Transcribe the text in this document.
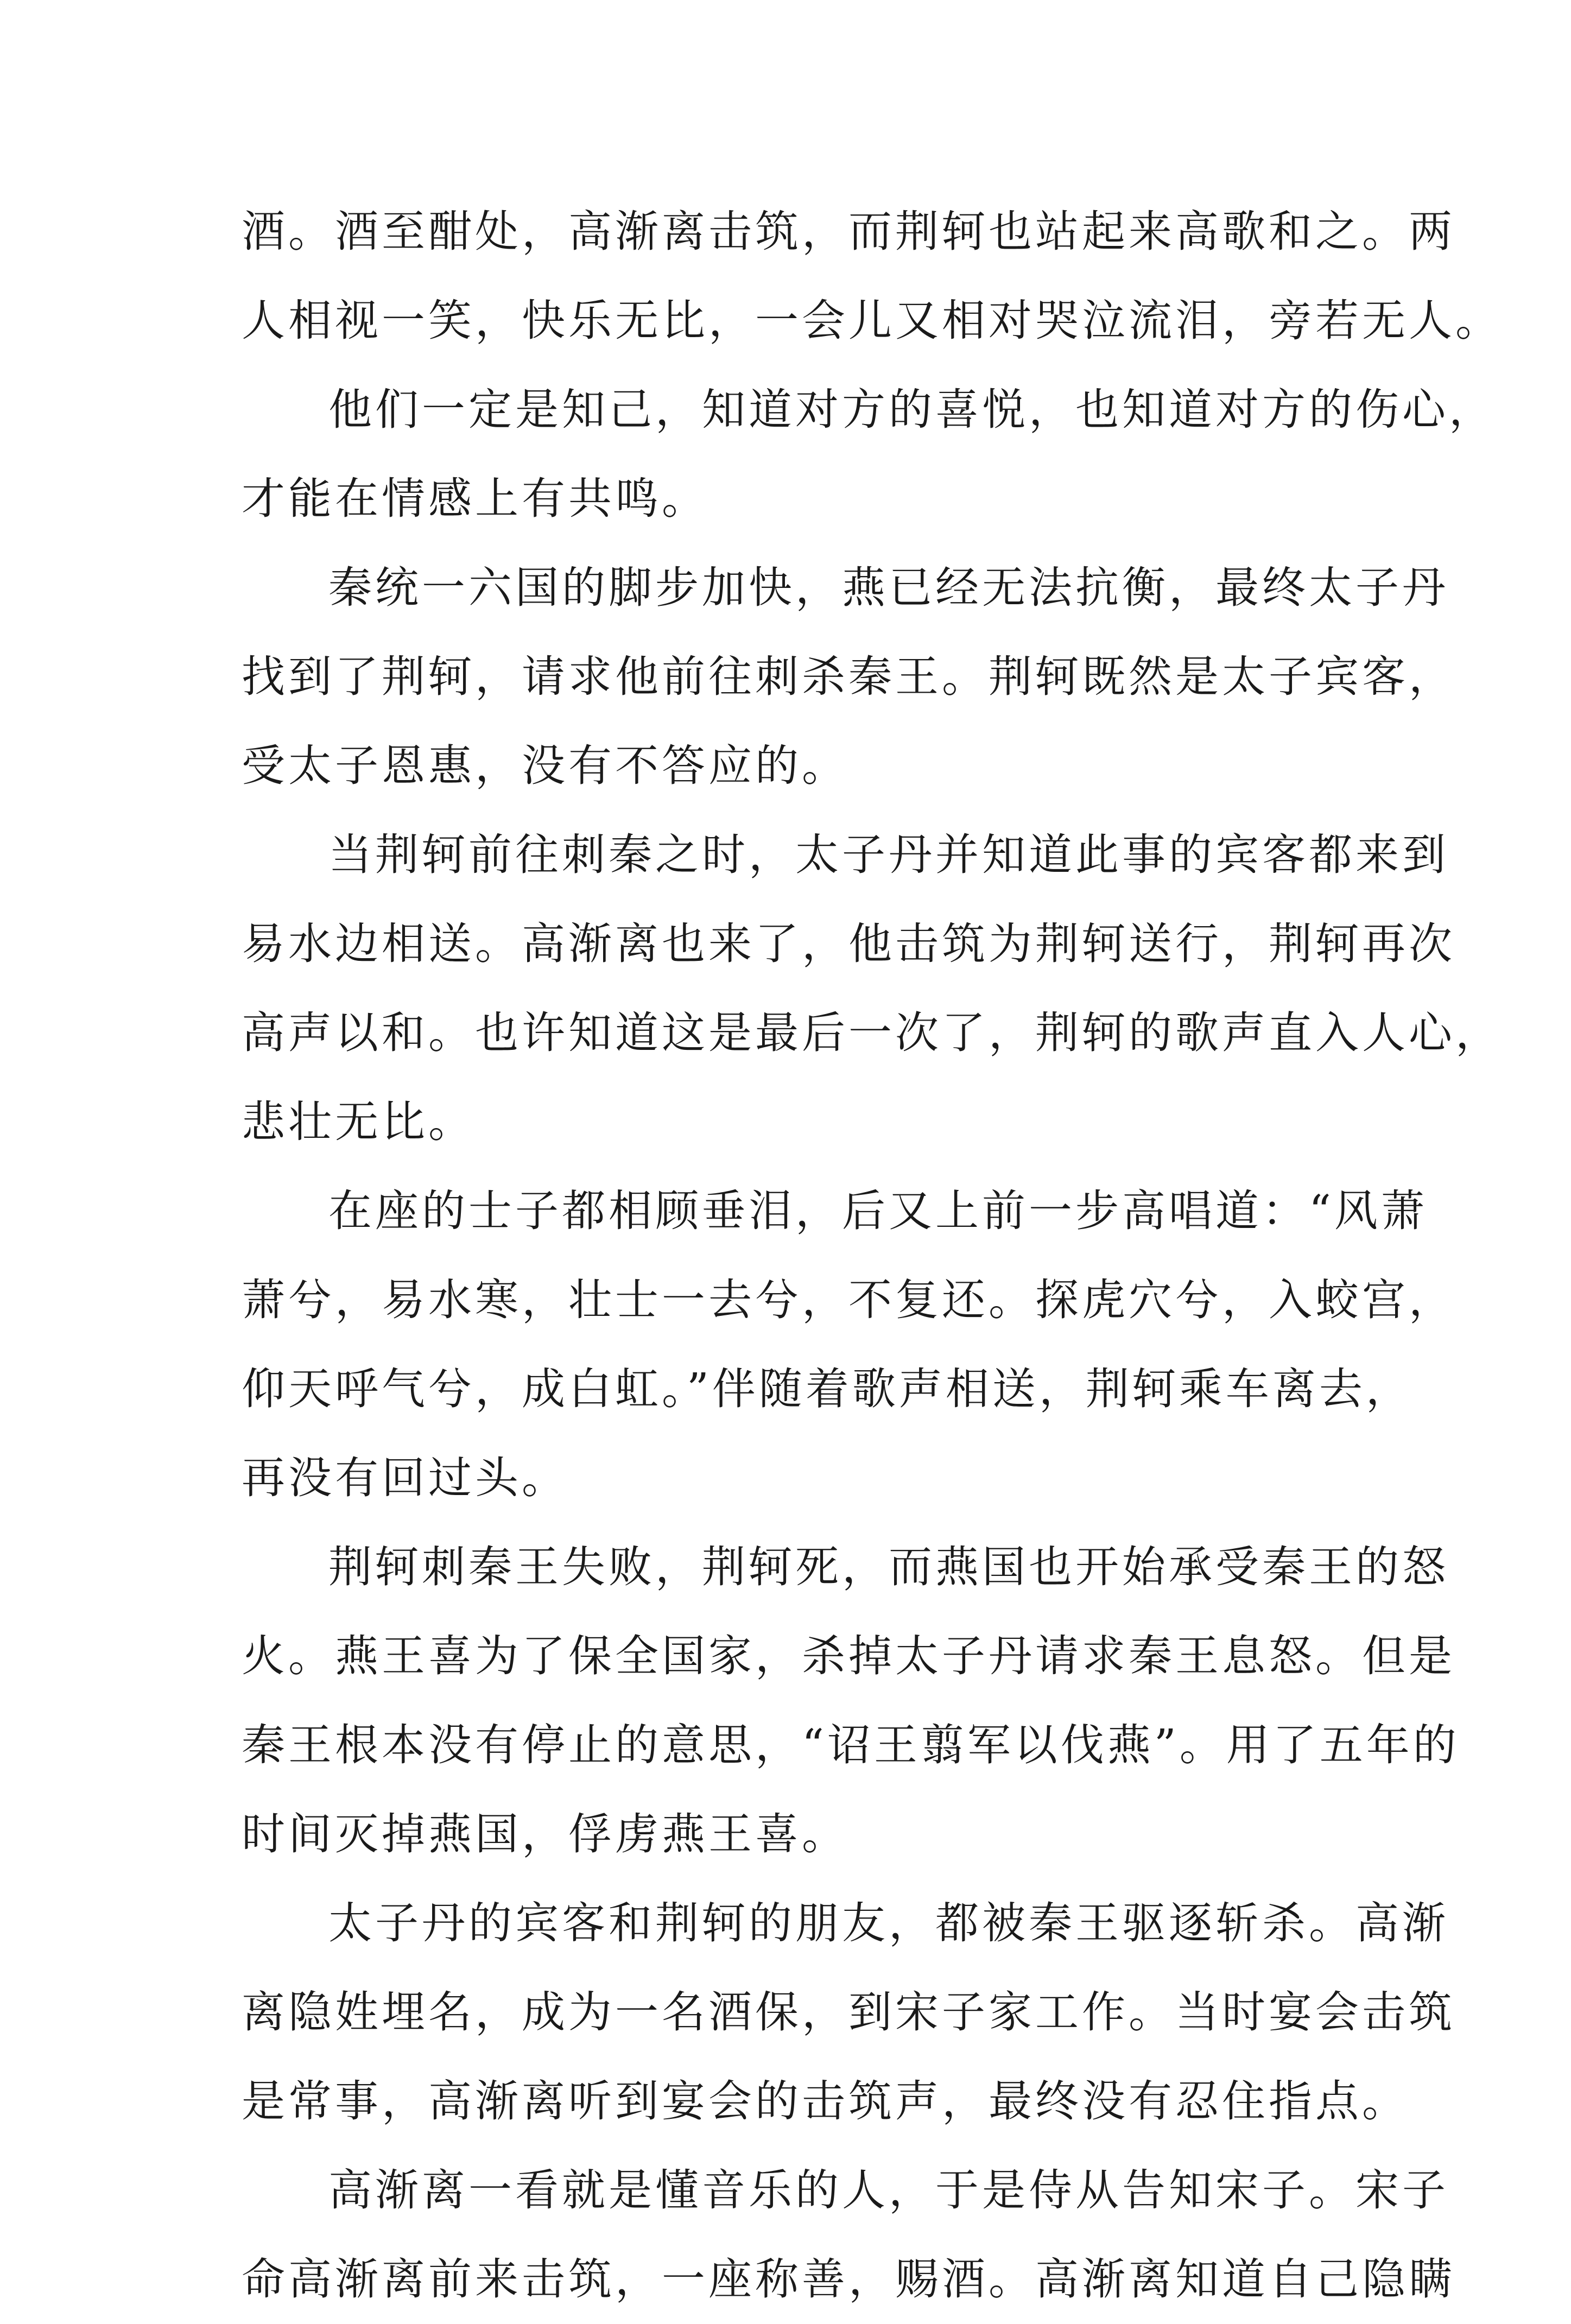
酒。酒至酣处，高渐离击筑，而荆轲也站起来高歌和之。两
人相视一笑，快乐无比，一会儿又相对哭泣流泪，旁若无人。
他们一定是知己，知道对方的喜悦，也知道对方的伤心，
才能在情感上有共鸣。
秦统一六国的脚步加快，燕已经无法抗衡，最终太子丹
找到了荆轲，请求他前往刺杀秦王。荆轲既然是太子宾客，
受太子恩惠，没有不答应的。
当荆轲前往刺秦之时，太子丹并知道此事的宾客都来到
易水边相送。高渐离也来了，他击筑为荆轲送行，荆轲再次
高声以和。也许知道这是最后一次了，荆轲的歌声直入人心，
悲壮无比。
在座的士子都相顾垂泪，后又上前一步高唱道：“风萧
萧兮，易水寒，壮士一去兮，不复还。探虎穴兮，入蛟宫，
仰天呼气兮，成白虹。”伴随着歌声相送，荆轲乘车离去，
再没有回过头。
荆轲刺秦王失败，荆轲死，而燕国也开始承受秦王的怒
火。燕王喜为了保全国家，杀掉太子丹请求秦王息怒。但是
秦王根本没有停止的意思，“诏王翦军以伐燕”。用了五年的
时间灭掉燕国，俘虏燕王喜。
太子丹的宾客和荆轲的朋友，都被秦王驱逐斩杀。高渐
离隐姓埋名，成为一名酒保，到宋子家工作。当时宴会击筑
是常事，高渐离听到宴会的击筑声，最终没有忍住指点。
高渐离一看就是懂音乐的人，于是侍从告知宋子。宋子
命高渐离前来击筑，一座称善，赐酒。高渐离知道自己隐瞒
